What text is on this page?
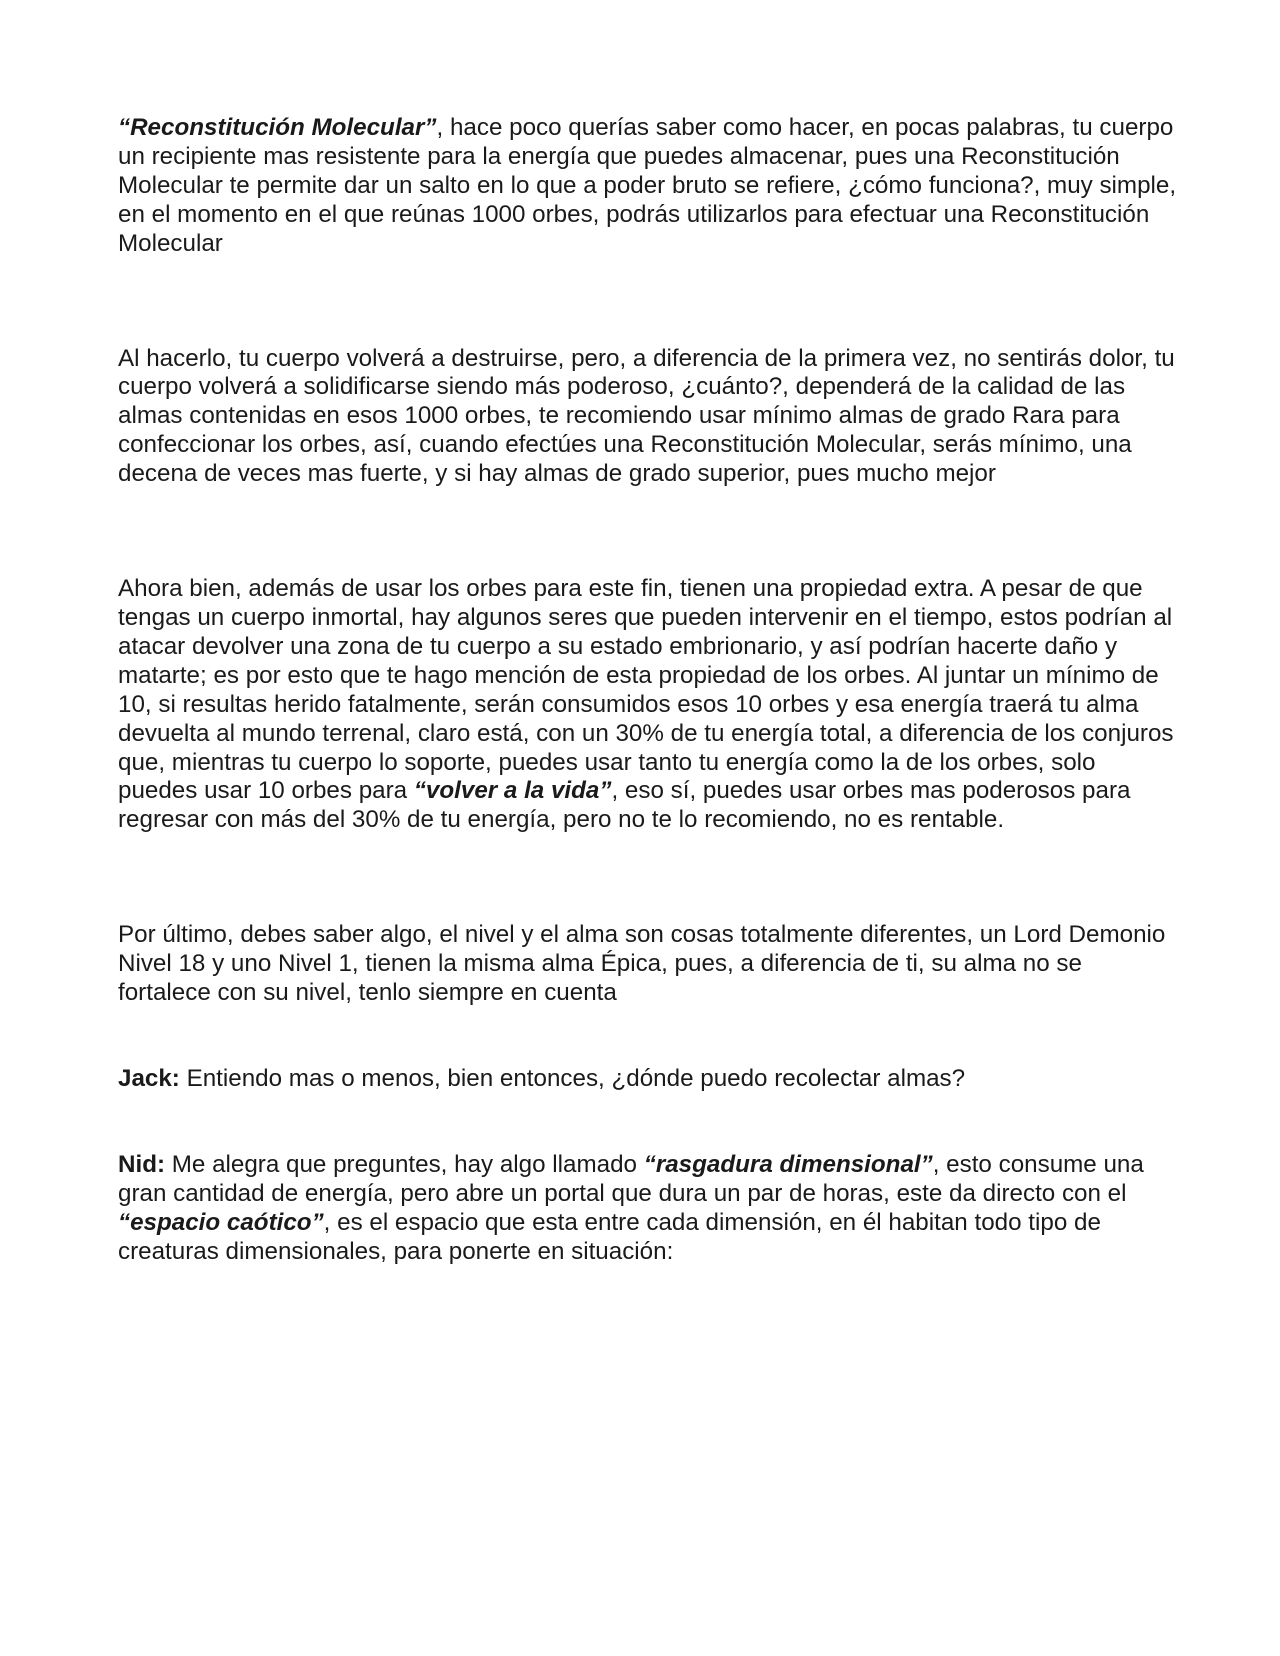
“Reconstitución Molecular”, hace poco querías saber como hacer, en pocas palabras, tu cuerpo un recipiente mas resistente para la energía que puedes almacenar, pues una Reconstitución Molecular te permite dar un salto en lo que a poder bruto se refiere, ¿cómo funciona?, muy simple, en el momento en el que reúnas 1000 orbes, podrás utilizarlos para efectuar una Reconstitución Molecular

Al hacerlo, tu cuerpo volverá a destruirse, pero, a diferencia de la primera vez, no sentirás dolor, tu cuerpo volverá a solidificarse siendo más poderoso, ¿cuánto?, dependerá de la calidad de las almas contenidas en esos 1000 orbes, te recomiendo usar mínimo almas de grado Rara para confeccionar los orbes, así, cuando efectúes una Reconstitución Molecular, serás mínimo, una decena de veces mas fuerte, y si hay almas de grado superior, pues mucho mejor

Ahora bien, además de usar los orbes para este fin, tienen una propiedad extra. A pesar de que tengas un cuerpo inmortal, hay algunos seres que pueden intervenir en el tiempo, estos podrían al atacar devolver una zona de tu cuerpo a su estado embrionario, y así podrían hacerte daño y matarte; es por esto que te hago mención de esta propiedad de los orbes. Al juntar un mínimo de 10, si resultas herido fatalmente, serán consumidos esos 10 orbes y esa energía traerá tu alma devuelta al mundo terrenal, claro está, con un 30% de tu energía total, a diferencia de los conjuros que, mientras tu cuerpo lo soporte, puedes usar tanto tu energía como la de los orbes, solo puedes usar 10 orbes para “volver a la vida”, eso sí, puedes usar orbes mas poderosos para regresar con más del 30% de tu energía, pero no te lo recomiendo, no es rentable.

Por último, debes saber algo, el nivel y el alma son cosas totalmente diferentes, un Lord Demonio Nivel 18 y uno Nivel 1, tienen la misma alma Épica, pues, a diferencia de ti, su alma no se fortalece con su nivel, tenlo siempre en cuenta

Jack: Entiendo mas o menos, bien entonces, ¿dónde puedo recolectar almas?

Nid: Me alegra que preguntes, hay algo llamado “rasgadura dimensional”, esto consume una gran cantidad de energía, pero abre un portal que dura un par de horas, este da directo con el “espacio caótico”, es el espacio que esta entre cada dimensión, en él habitan todo tipo de creaturas dimensionales, para ponerte en situación:
